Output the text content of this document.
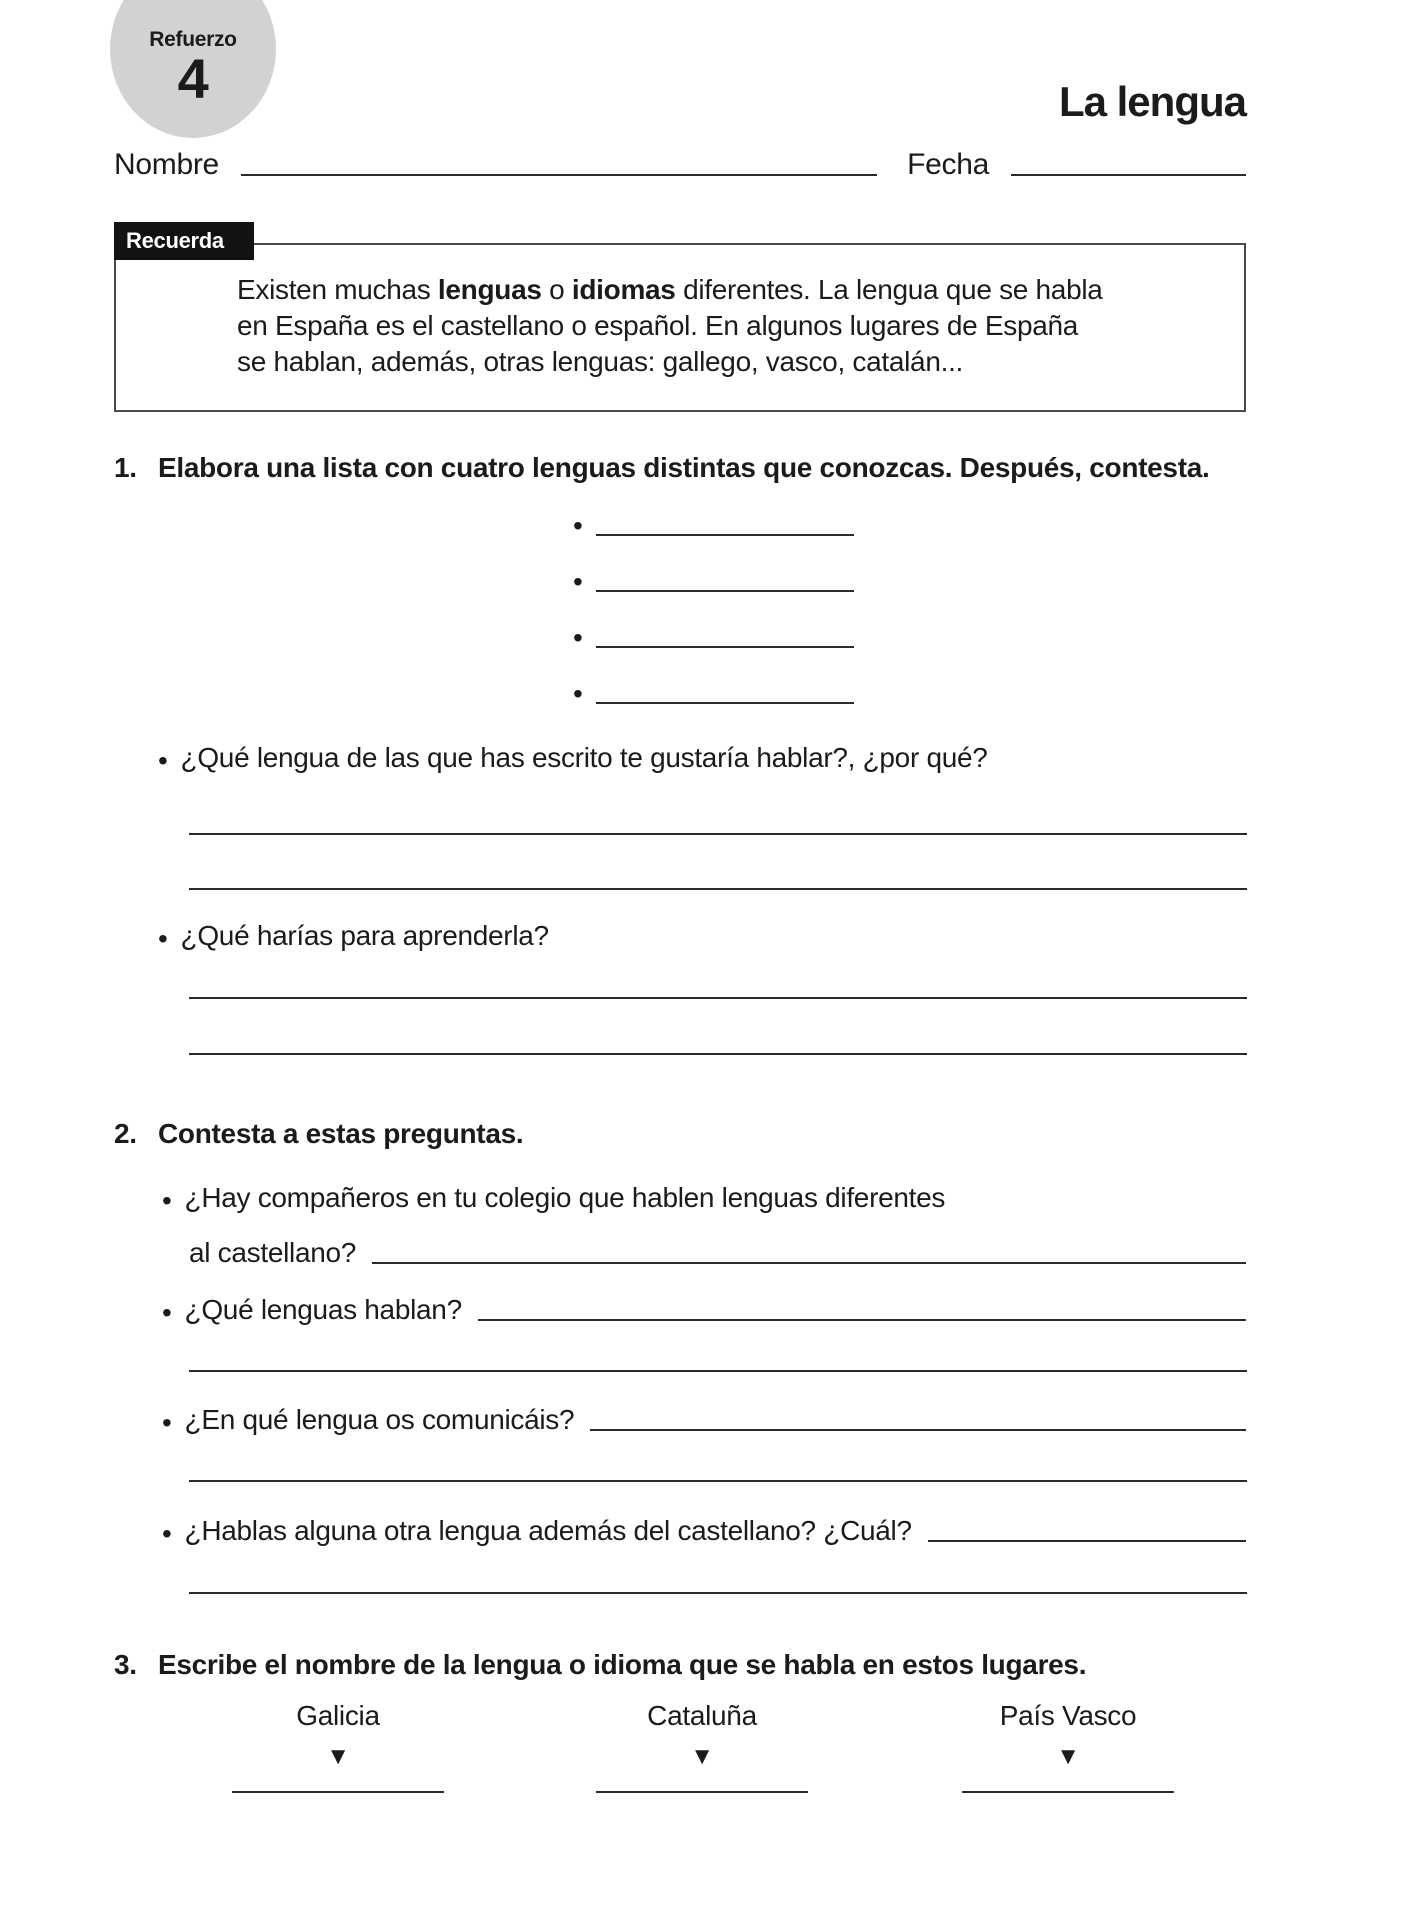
Refuerzo
4	La lengua
Nombre	Fecha
Recuerda
Existen muchas lenguas o idiomas diferentes. La lengua que se habla
en España es el castellano o español. En algunos lugares de España
se hablan, además, otras lenguas: gallego, vasco, catalán...
1. Elabora una lista con cuatro lenguas distintas que conozcas. Después, contesta.
•
•
•
•
• ¿Qué lengua de las que has escrito te gustaría hablar?, ¿por qué?
• ¿Qué harías para aprenderla?
2. Contesta a estas preguntas.
• ¿Hay compañeros en tu colegio que hablen lenguas diferentes
al castellano?
• ¿Qué lenguas hablan?
• ¿En qué lengua os comunicáis?
• ¿Hablas alguna otra lengua además del castellano? ¿Cuál?
3. Escribe el nombre de la lengua o idioma que se habla en estos lugares.
Galicia
▼
Cataluña
▼
País Vasco
▼
